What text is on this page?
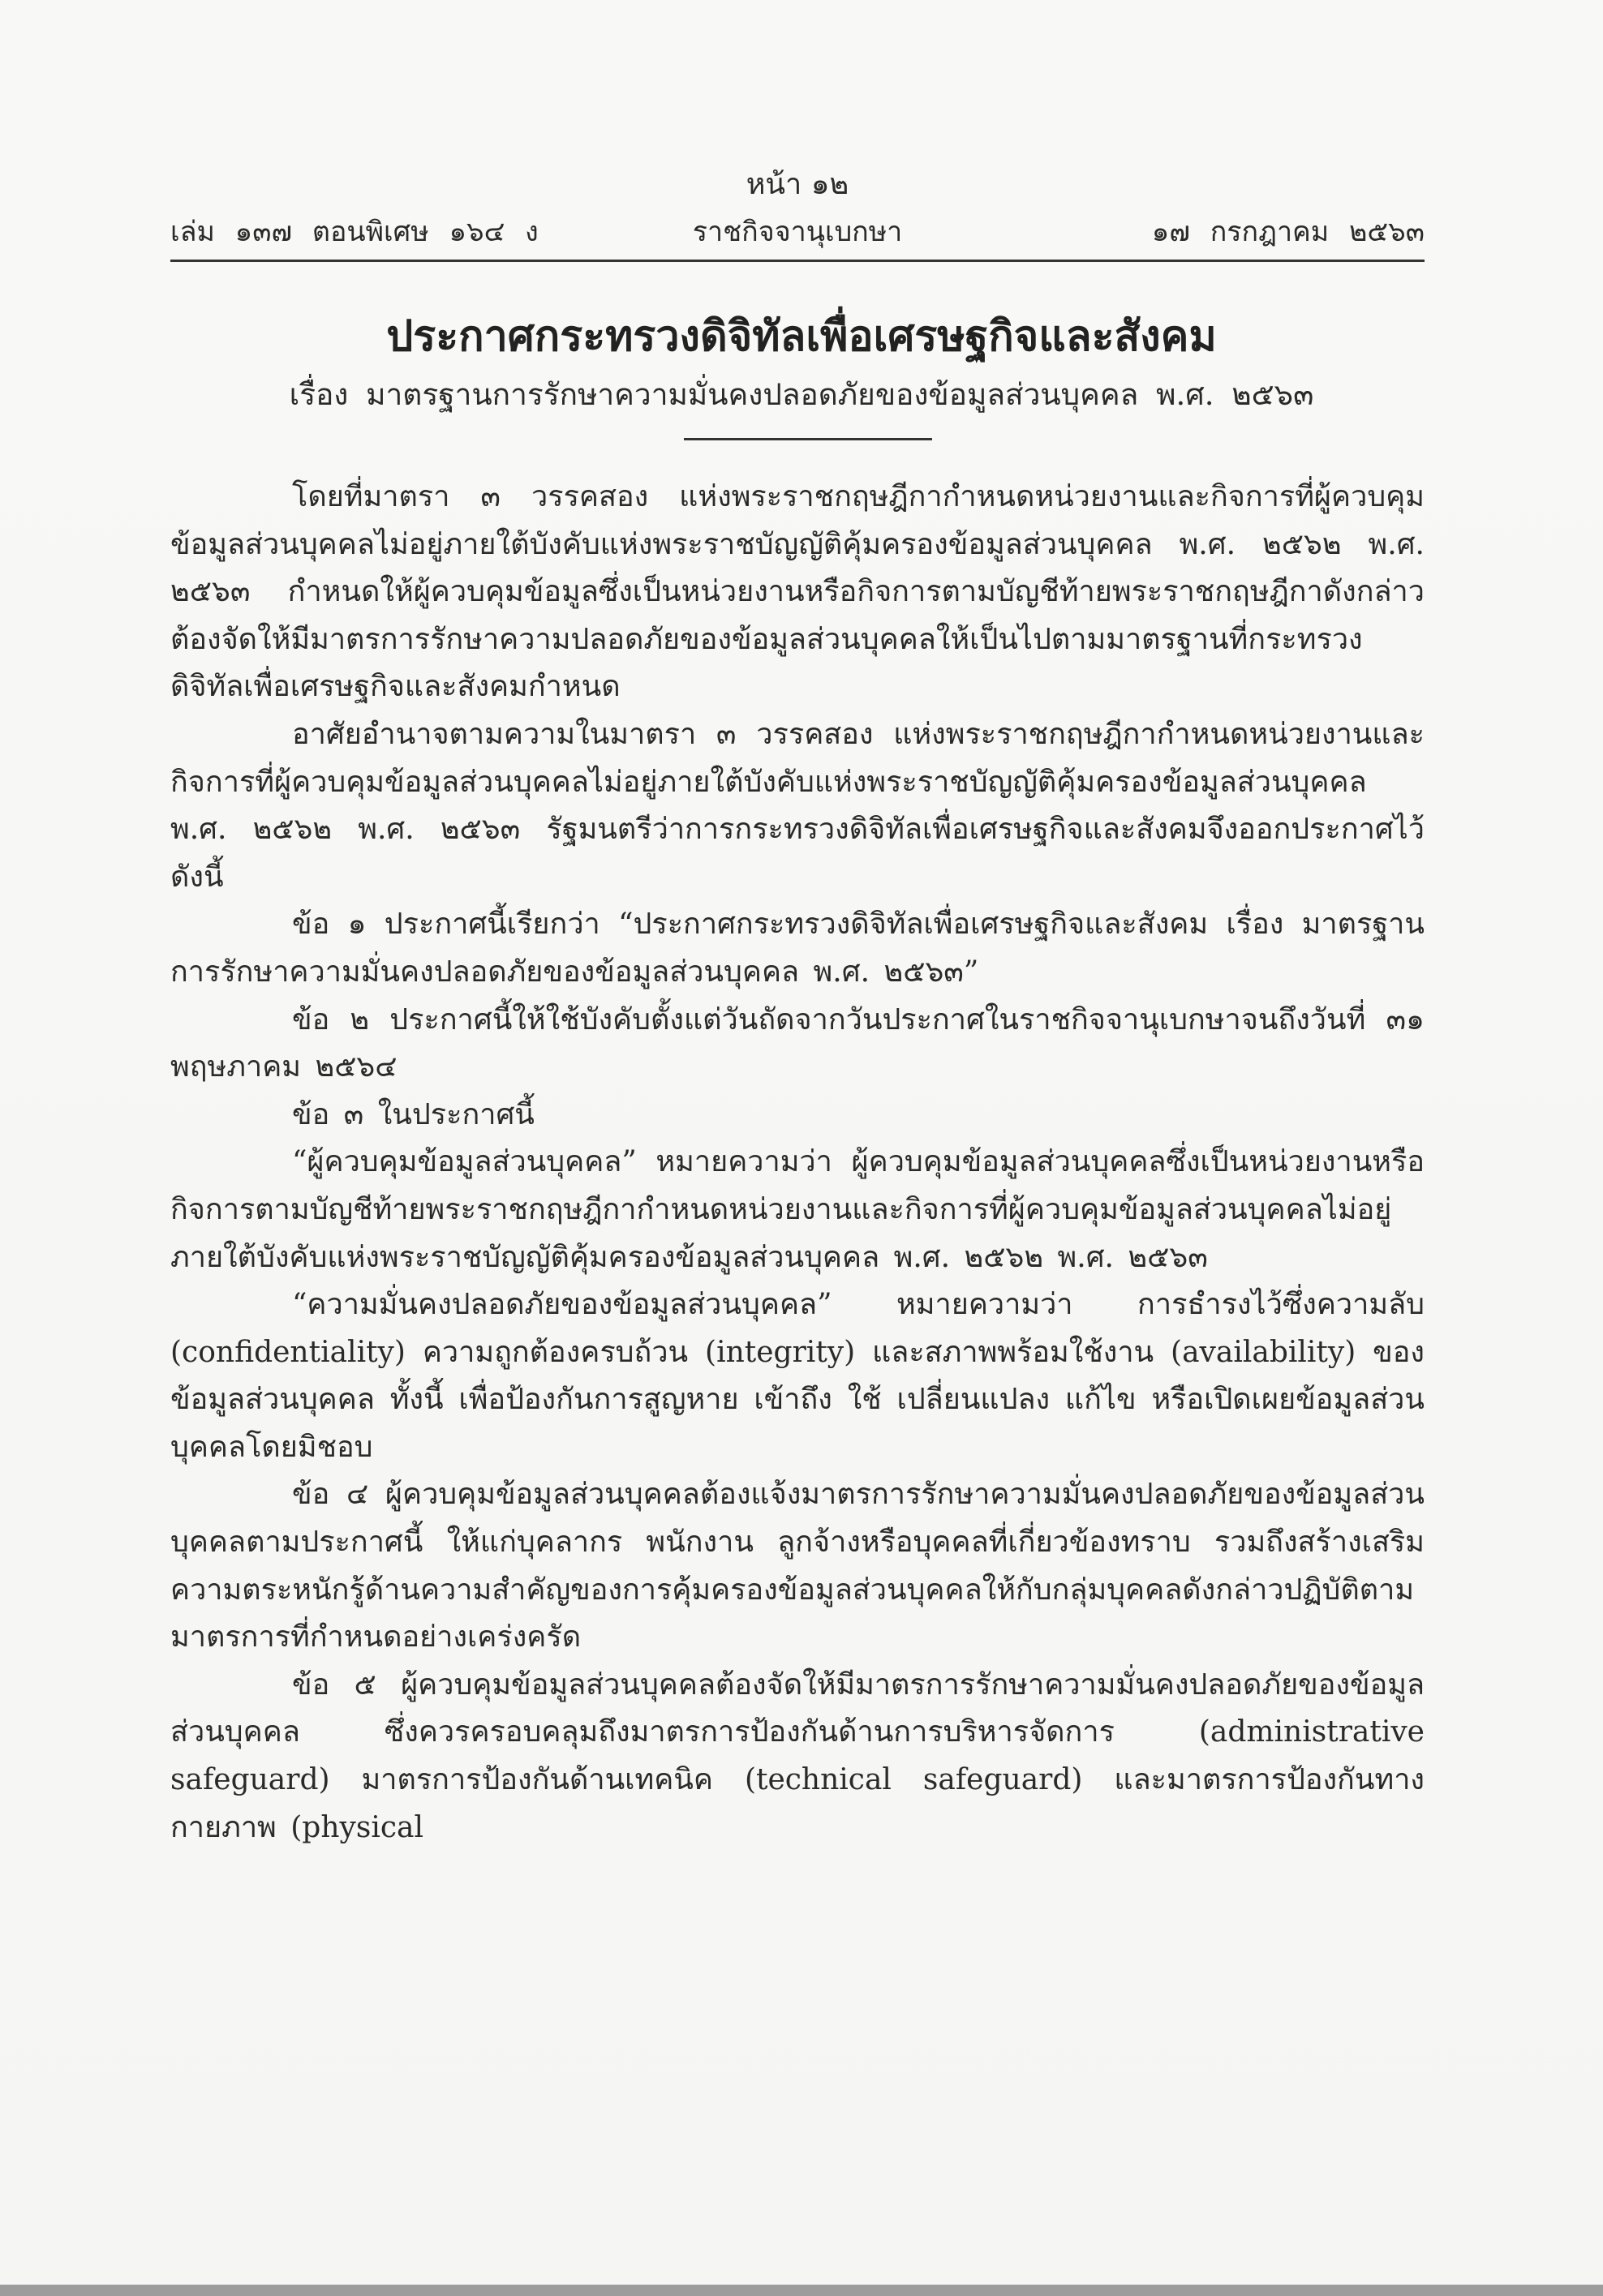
หน้า ๑๒
เล่ม ๑๓๗ ตอนพิเศษ ๑๖๔ ง	ราชกิจจานุเบกษา	๑๗ กรกฎาคม ๒๕๖๓
ประกาศกระทรวงดิจิทัลเพื่อเศรษฐกิจและสังคม
เรื่อง มาตรฐานการรักษาความมั่นคงปลอดภัยของข้อมูลส่วนบุคคล พ.ศ. ๒๕๖๓

โดยที่มาตรา ๓ วรรคสอง แห่งพระราชกฤษฎีกากำหนดหน่วยงานและกิจการที่ผู้ควบคุมข้อมูลส่วนบุคคลไม่อยู่ภายใต้บังคับแห่งพระราชบัญญัติคุ้มครองข้อมูลส่วนบุคคล พ.ศ. ๒๕๖๒ พ.ศ. ๒๕๖๓ กำหนดให้ผู้ควบคุมข้อมูลซึ่งเป็นหน่วยงานหรือกิจการตามบัญชีท้ายพระราชกฤษฎีกาดังกล่าวต้องจัดให้มีมาตรการรักษาความปลอดภัยของข้อมูลส่วนบุคคลให้เป็นไปตามมาตรฐานที่กระทรวงดิจิทัลเพื่อเศรษฐกิจและสังคมกำหนด

อาศัยอำนาจตามความในมาตรา ๓ วรรคสอง แห่งพระราชกฤษฎีกากำหนดหน่วยงานและกิจการที่ผู้ควบคุมข้อมูลส่วนบุคคลไม่อยู่ภายใต้บังคับแห่งพระราชบัญญัติคุ้มครองข้อมูลส่วนบุคคล พ.ศ. ๒๕๖๒ พ.ศ. ๒๕๖๓ รัฐมนตรีว่าการกระทรวงดิจิทัลเพื่อเศรษฐกิจและสังคมจึงออกประกาศไว้ ดังนี้

ข้อ ๑ ประกาศนี้เรียกว่า “ประกาศกระทรวงดิจิทัลเพื่อเศรษฐกิจและสังคม เรื่อง มาตรฐานการรักษาความมั่นคงปลอดภัยของข้อมูลส่วนบุคคล พ.ศ. ๒๕๖๓”

ข้อ ๒ ประกาศนี้ให้ใช้บังคับตั้งแต่วันถัดจากวันประกาศในราชกิจจานุเบกษาจนถึงวันที่ ๓๑ พฤษภาคม ๒๕๖๔

ข้อ ๓ ในประกาศนี้

“ผู้ควบคุมข้อมูลส่วนบุคคล” หมายความว่า ผู้ควบคุมข้อมูลส่วนบุคคลซึ่งเป็นหน่วยงานหรือกิจการตามบัญชีท้ายพระราชกฤษฎีกากำหนดหน่วยงานและกิจการที่ผู้ควบคุมข้อมูลส่วนบุคคลไม่อยู่ภายใต้บังคับแห่งพระราชบัญญัติคุ้มครองข้อมูลส่วนบุคคล พ.ศ. ๒๕๖๒ พ.ศ. ๒๕๖๓

“ความมั่นคงปลอดภัยของข้อมูลส่วนบุคคล” หมายความว่า การธำรงไว้ซึ่งความลับ (confidentiality) ความถูกต้องครบถ้วน (integrity) และสภาพพร้อมใช้งาน (availability) ของข้อมูลส่วนบุคคล ทั้งนี้ เพื่อป้องกันการสูญหาย เข้าถึง ใช้ เปลี่ยนแปลง แก้ไข หรือเปิดเผยข้อมูลส่วนบุคคลโดยมิชอบ

ข้อ ๔ ผู้ควบคุมข้อมูลส่วนบุคคลต้องแจ้งมาตรการรักษาความมั่นคงปลอดภัยของข้อมูลส่วนบุคคลตามประกาศนี้ ให้แก่บุคลากร พนักงาน ลูกจ้างหรือบุคคลที่เกี่ยวข้องทราบ รวมถึงสร้างเสริมความตระหนักรู้ด้านความสำคัญของการคุ้มครองข้อมูลส่วนบุคคลให้กับกลุ่มบุคคลดังกล่าวปฏิบัติตามมาตรการที่กำหนดอย่างเคร่งครัด

ข้อ ๕ ผู้ควบคุมข้อมูลส่วนบุคคลต้องจัดให้มีมาตรการรักษาความมั่นคงปลอดภัยของข้อมูลส่วนบุคคล ซึ่งควรครอบคลุมถึงมาตรการป้องกันด้านการบริหารจัดการ (administrative safeguard) มาตรการป้องกันด้านเทคนิค (technical safeguard) และมาตรการป้องกันทางกายภาพ (physical
